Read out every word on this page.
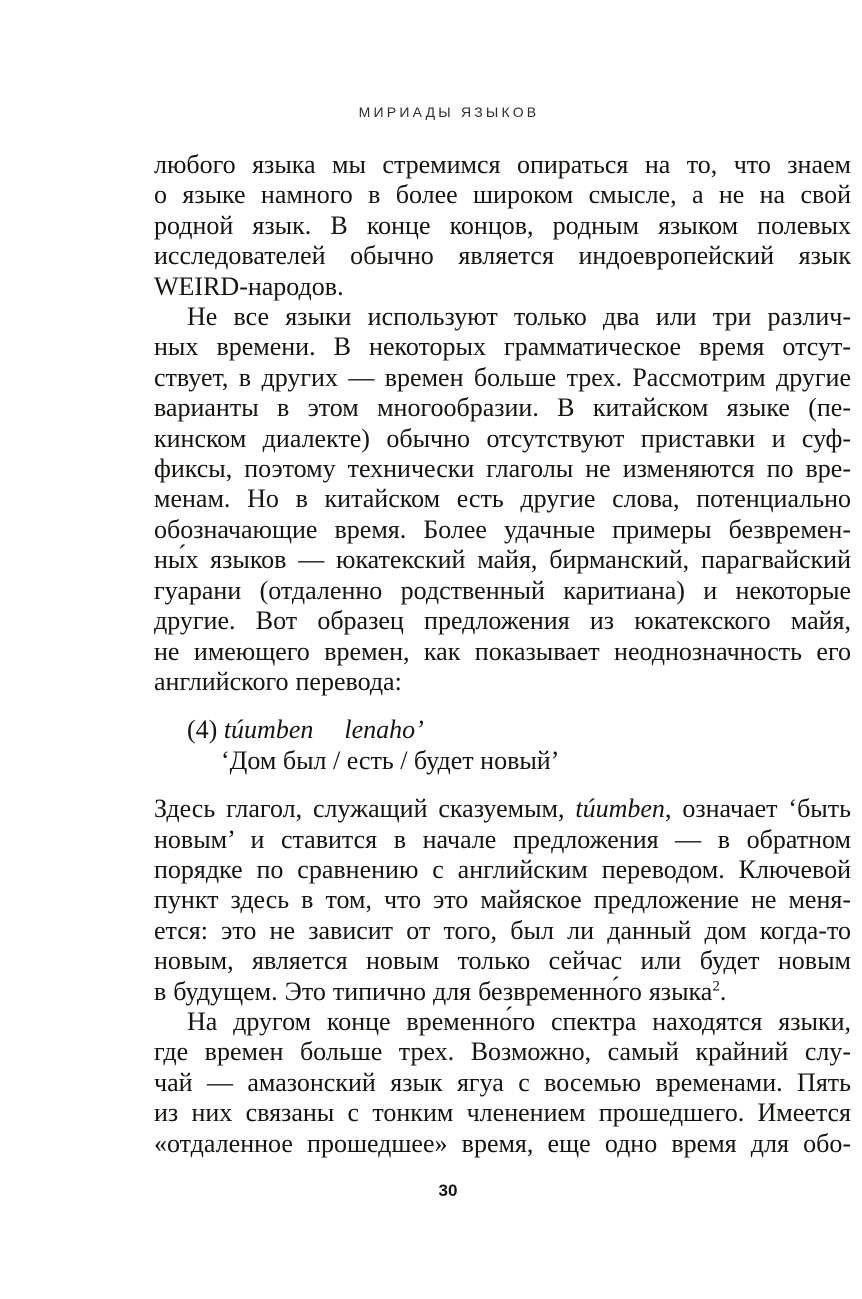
МИРИАДЫ ЯЗЫКОВ
любого языка мы стремимся опираться на то, что знаем
о языке намного в более широком смысле, а не на свой
родной язык. В конце концов, родным языком полевых
исследователей обычно является индоевропейский язык
WEIRD-народов.
Не все языки используют только два или три различ-
ных времени. В некоторых грамматическое время отсут-
ствует, в других — времен больше трех. Рассмотрим другие
варианты в этом многообразии. В китайском языке (пе-
кинском диалекте) обычно отсутствуют приставки и суф-
фиксы, поэтому технически глаголы не изменяются по вре-
менам. Но в китайском есть другие слова, потенциально
обозначающие время. Более удачные примеры безвремен-
ны́х языков — юкатекский майя, бирманский, парагвайский
гуарани (отдаленно родственный каритиана) и некоторые
другие. Вот образец предложения из юкатекского майя,
не имеющего времен, как показывает неоднозначность его
английского перевода:
(4) túumben lenaho’
‘Дом был / есть / будет новый’
Здесь глагол, служащий сказуемым, túumben, означает ‘быть
новым’ и ставится в начале предложения — в обратном
порядке по сравнению с английским переводом. Ключевой
пункт здесь в том, что это майяское предложение не меня-
ется: это не зависит от того, был ли данный дом когда-то
новым, является новым только сейчас или будет новым
в будущем. Это типично для безвременно́го языка$^2$.
На другом конце временно́го спектра находятся языки,
где времен больше трех. Возможно, самый крайний слу-
чай — амазонский язык ягуа с восемью временами. Пять
из них связаны с тонким членением прошедшего. Имеется
«отдаленное прошедшее» время, еще одно время для обо-
30
